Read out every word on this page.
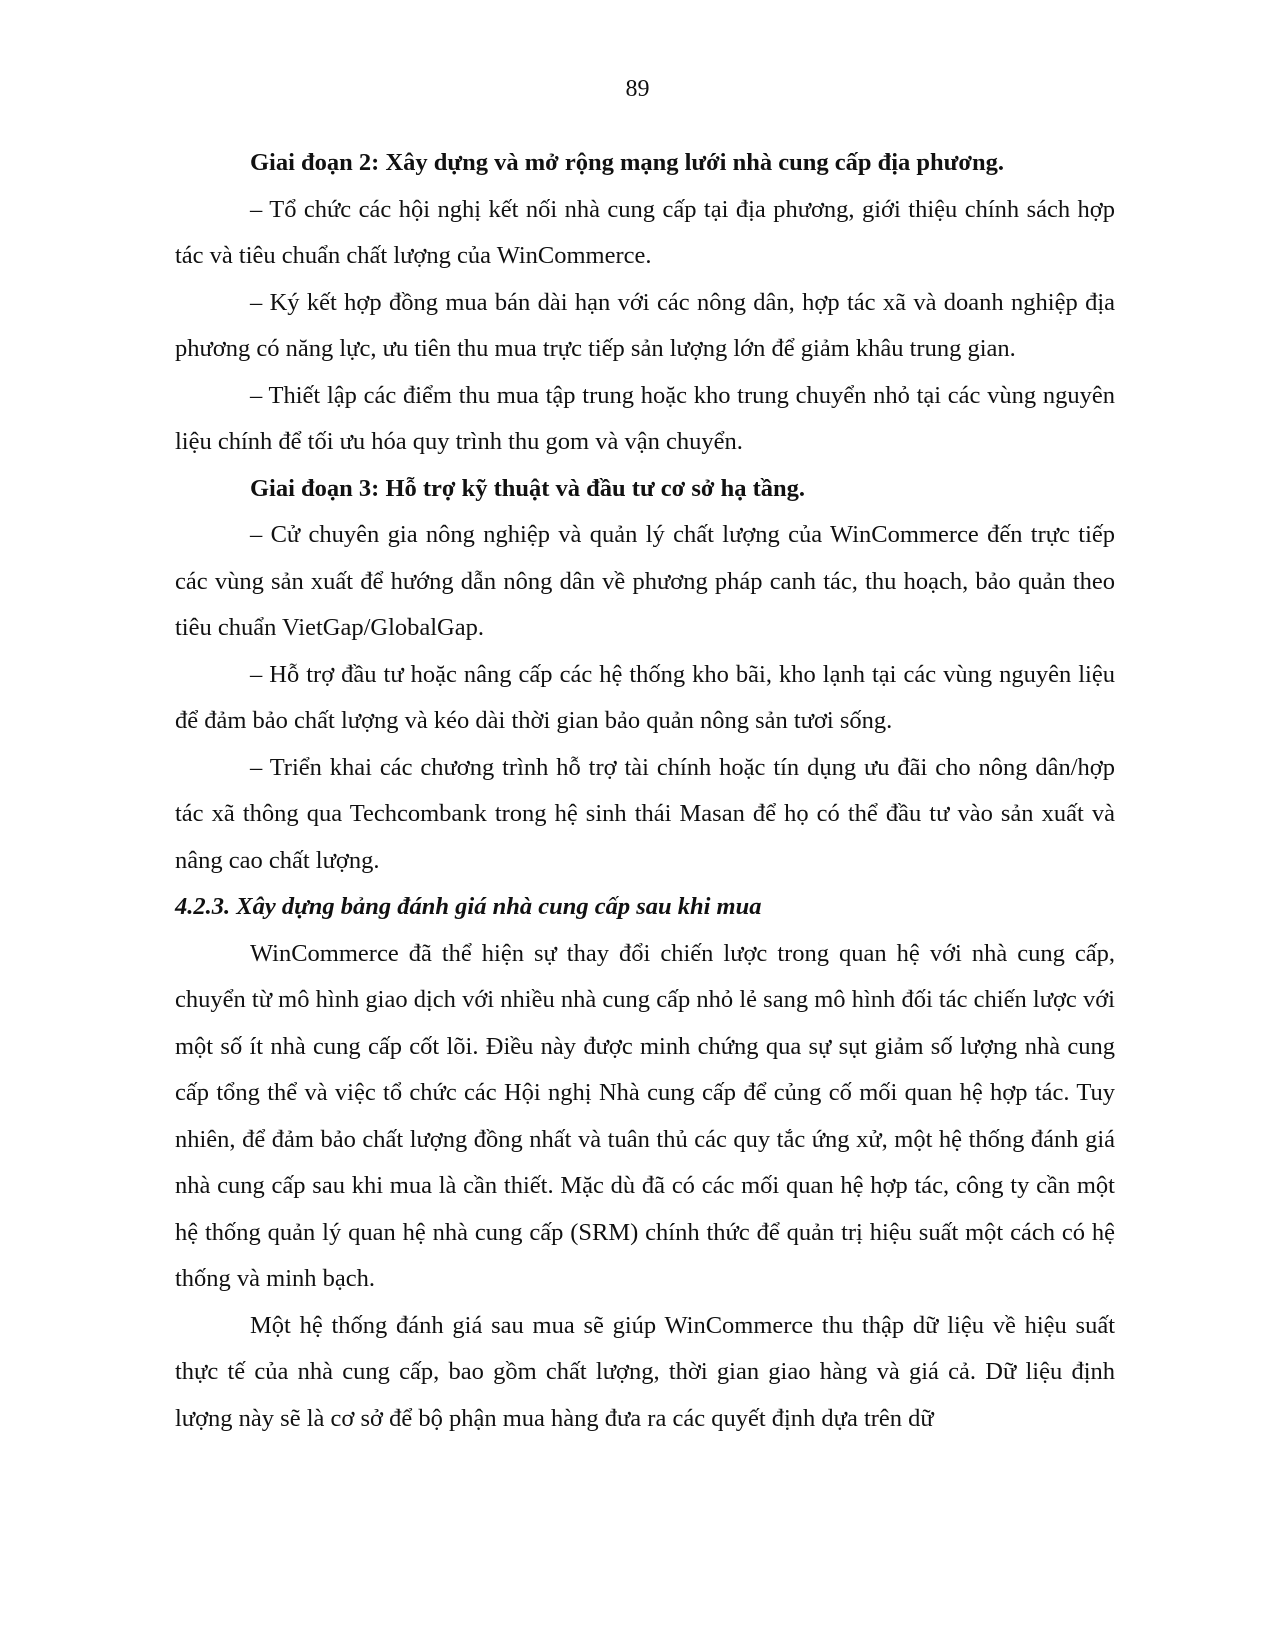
89

Giai đoạn 2: Xây dựng và mở rộng mạng lưới nhà cung cấp địa phương.

– Tổ chức các hội nghị kết nối nhà cung cấp tại địa phương, giới thiệu chính sách hợp tác và tiêu chuẩn chất lượng của WinCommerce.

– Ký kết hợp đồng mua bán dài hạn với các nông dân, hợp tác xã và doanh nghiệp địa phương có năng lực, ưu tiên thu mua trực tiếp sản lượng lớn để giảm khâu trung gian.

– Thiết lập các điểm thu mua tập trung hoặc kho trung chuyển nhỏ tại các vùng nguyên liệu chính để tối ưu hóa quy trình thu gom và vận chuyển.

Giai đoạn 3: Hỗ trợ kỹ thuật và đầu tư cơ sở hạ tầng.

– Cử chuyên gia nông nghiệp và quản lý chất lượng của WinCommerce đến trực tiếp các vùng sản xuất để hướng dẫn nông dân về phương pháp canh tác, thu hoạch, bảo quản theo tiêu chuẩn VietGap/GlobalGap.

– Hỗ trợ đầu tư hoặc nâng cấp các hệ thống kho bãi, kho lạnh tại các vùng nguyên liệu để đảm bảo chất lượng và kéo dài thời gian bảo quản nông sản tươi sống.

– Triển khai các chương trình hỗ trợ tài chính hoặc tín dụng ưu đãi cho nông dân/hợp tác xã thông qua Techcombank trong hệ sinh thái Masan để họ có thể đầu tư vào sản xuất và nâng cao chất lượng.

4.2.3. Xây dựng bảng đánh giá nhà cung cấp sau khi mua

WinCommerce đã thể hiện sự thay đổi chiến lược trong quan hệ với nhà cung cấp, chuyển từ mô hình giao dịch với nhiều nhà cung cấp nhỏ lẻ sang mô hình đối tác chiến lược với một số ít nhà cung cấp cốt lõi. Điều này được minh chứng qua sự sụt giảm số lượng nhà cung cấp tổng thể và việc tổ chức các Hội nghị Nhà cung cấp để củng cố mối quan hệ hợp tác. Tuy nhiên, để đảm bảo chất lượng đồng nhất và tuân thủ các quy tắc ứng xử, một hệ thống đánh giá nhà cung cấp sau khi mua là cần thiết. Mặc dù đã có các mối quan hệ hợp tác, công ty cần một hệ thống quản lý quan hệ nhà cung cấp (SRM) chính thức để quản trị hiệu suất một cách có hệ thống và minh bạch.

Một hệ thống đánh giá sau mua sẽ giúp WinCommerce thu thập dữ liệu về hiệu suất thực tế của nhà cung cấp, bao gồm chất lượng, thời gian giao hàng và giá cả. Dữ liệu định lượng này sẽ là cơ sở để bộ phận mua hàng đưa ra các quyết định dựa trên dữ
